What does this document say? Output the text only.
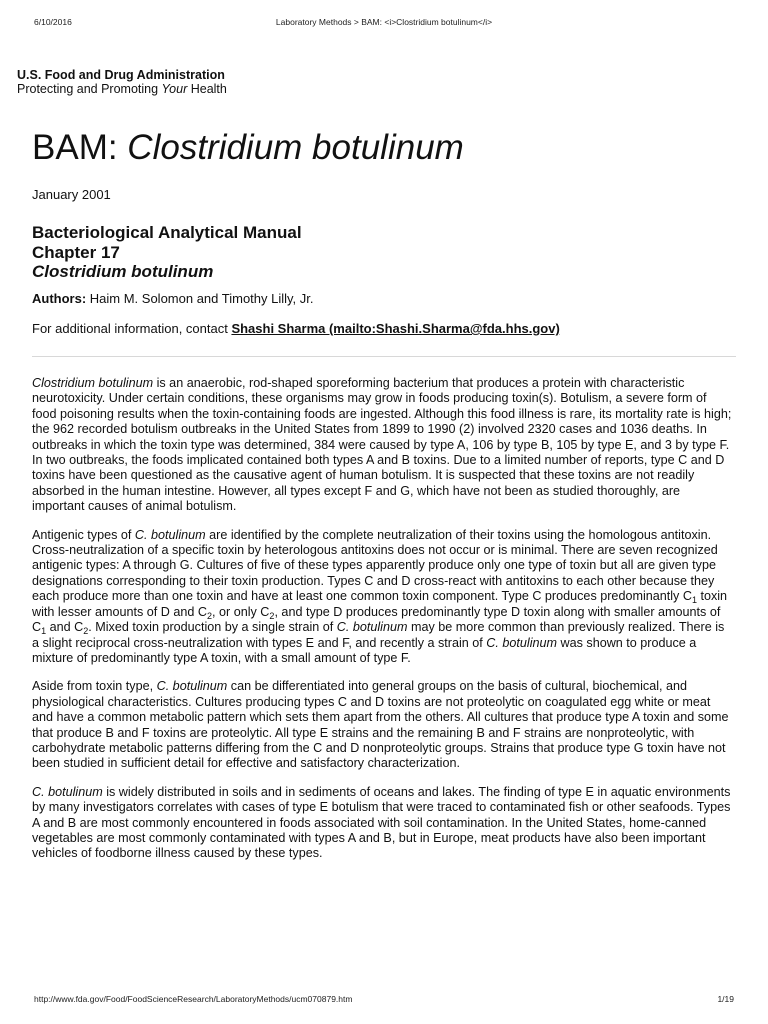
6/10/2016	Laboratory Methods > BAM: <i>Clostridium botulinum</i>
U.S. Food and Drug Administration
Protecting and Promoting Your Health
BAM: Clostridium botulinum
January 2001
Bacteriological Analytical Manual
Chapter 17
Clostridium botulinum
Authors: Haim M. Solomon and Timothy Lilly, Jr.
For additional information, contact Shashi Sharma (mailto:Shashi.Sharma@fda.hhs.gov)

Clostridium botulinum is an anaerobic, rod-shaped sporeforming bacterium that produces a protein with characteristic neurotoxicity. Under certain conditions, these organisms may grow in foods producing toxin(s). Botulism, a severe form of food poisoning results when the toxin-containing foods are ingested. Although this food illness is rare, its mortality rate is high; the 962 recorded botulism outbreaks in the United States from 1899 to 1990 (2) involved 2320 cases and 1036 deaths. In outbreaks in which the toxin type was determined, 384 were caused by type A, 106 by type B, 105 by type E, and 3 by type F. In two outbreaks, the foods implicated contained both types A and B toxins. Due to a limited number of reports, type C and D toxins have been questioned as the causative agent of human botulism. It is suspected that these toxins are not readily absorbed in the human intestine. However, all types except F and G, which have not been as studied thoroughly, are important causes of animal botulism.

Antigenic types of C. botulinum are identified by the complete neutralization of their toxins using the homologous antitoxin. Cross-neutralization of a specific toxin by heterologous antitoxins does not occur or is minimal. There are seven recognized antigenic types: A through G. Cultures of five of these types apparently produce only one type of toxin but all are given type designations corresponding to their toxin production. Types C and D cross-react with antitoxins to each other because they each produce more than one toxin and have at least one common toxin component. Type C produces predominantly $C_1$ toxin with lesser amounts of D and $C_2$, or only $C_2$, and type D produces predominantly type D toxin along with smaller amounts of $C_1$ and $C_2$. Mixed toxin production by a single strain of C. botulinum may be more common than previously realized. There is a slight reciprocal cross-neutralization with types E and F, and recently a strain of C. botulinum was shown to produce a mixture of predominantly type A toxin, with a small amount of type F.

Aside from toxin type, C. botulinum can be differentiated into general groups on the basis of cultural, biochemical, and physiological characteristics. Cultures producing types C and D toxins are not proteolytic on coagulated egg white or meat and have a common metabolic pattern which sets them apart from the others. All cultures that produce type A toxin and some that produce B and F toxins are proteolytic. All type E strains and the remaining B and F strains are nonproteolytic, with carbohydrate metabolic patterns differing from the C and D nonproteolytic groups. Strains that produce type G toxin have not been studied in sufficient detail for effective and satisfactory characterization.

C. botulinum is widely distributed in soils and in sediments of oceans and lakes. The finding of type E in aquatic environments by many investigators correlates with cases of type E botulism that were traced to contaminated fish or other seafoods. Types A and B are most commonly encountered in foods associated with soil contamination. In the United States, home-canned vegetables are most commonly contaminated with types A and B, but in Europe, meat products have also been important vehicles of foodborne illness caused by these types.

http://www.fda.gov/Food/FoodScienceResearch/LaboratoryMethods/ucm070879.htm	1/19
